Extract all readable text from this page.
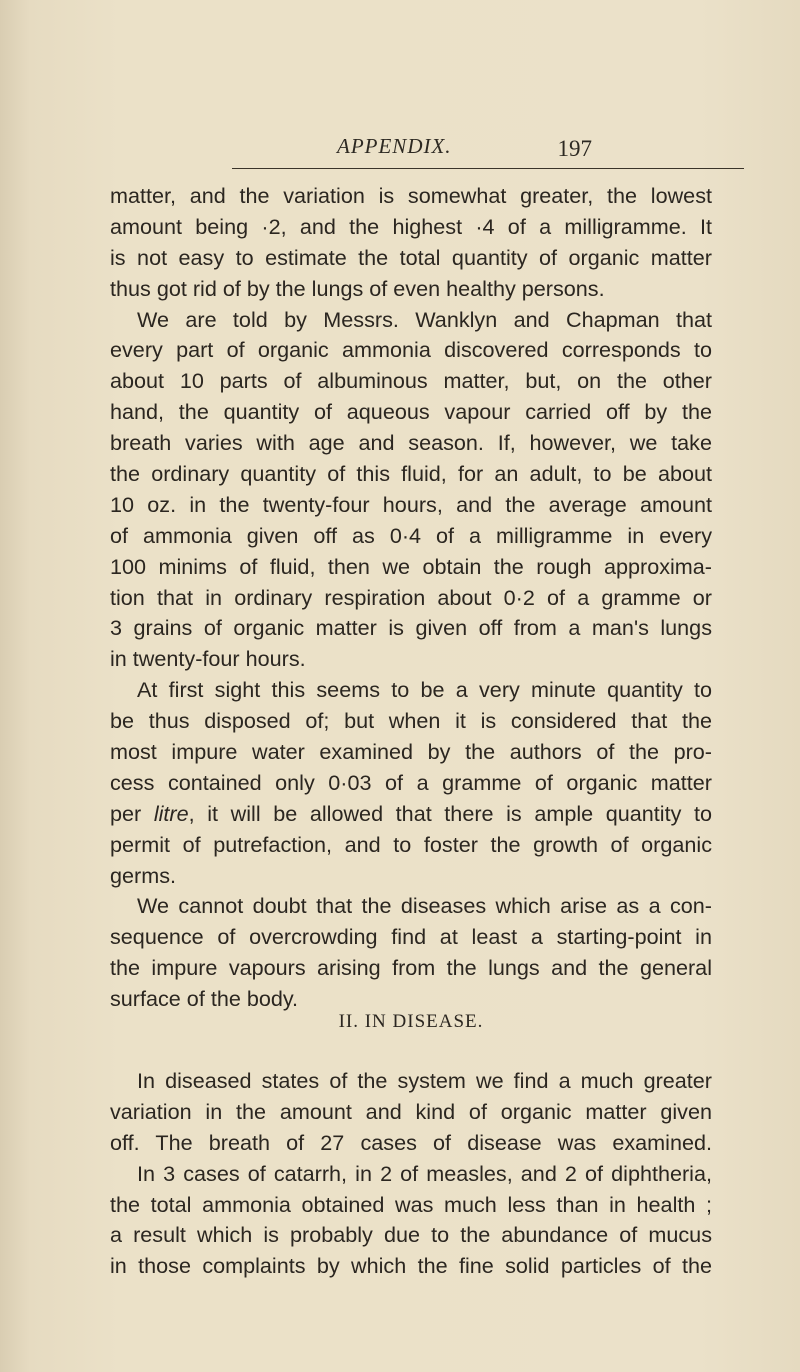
APPENDIX.	197
matter, and the variation is somewhat greater, the lowest
amount being ·2, and the highest ·4 of a milligramme. It
is not easy to estimate the total quantity of organic matter
thus got rid of by the lungs of even healthy persons.
We are told by Messrs. Wanklyn and Chapman that
every part of organic ammonia discovered corresponds to
about 10 parts of albuminous matter, but, on the other
hand, the quantity of aqueous vapour carried off by the
breath varies with age and season. If, however, we take
the ordinary quantity of this fluid, for an adult, to be about
10 oz. in the twenty-four hours, and the average amount
of ammonia given off as 0·4 of a milligramme in every
100 minims of fluid, then we obtain the rough approxima-
tion that in ordinary respiration about 0·2 of a gramme or
3 grains of organic matter is given off from a man's lungs
in twenty-four hours.
At first sight this seems to be a very minute quantity to
be thus disposed of; but when it is considered that the
most impure water examined by the authors of the pro-
cess contained only 0·03 of a gramme of organic matter
per litre, it will be allowed that there is ample quantity to
permit of putrefaction, and to foster the growth of organic
germs.
We cannot doubt that the diseases which arise as a con-
sequence of overcrowding find at least a starting-point in
the impure vapours arising from the lungs and the general
surface of the body.
II. IN DISEASE.
In diseased states of the system we find a much greater
variation in the amount and kind of organic matter given
off. The breath of 27 cases of disease was examined.
In 3 cases of catarrh, in 2 of measles, and 2 of diphtheria,
the total ammonia obtained was much less than in health ;
a result which is probably due to the abundance of mucus
in those complaints by which the fine solid particles of the
